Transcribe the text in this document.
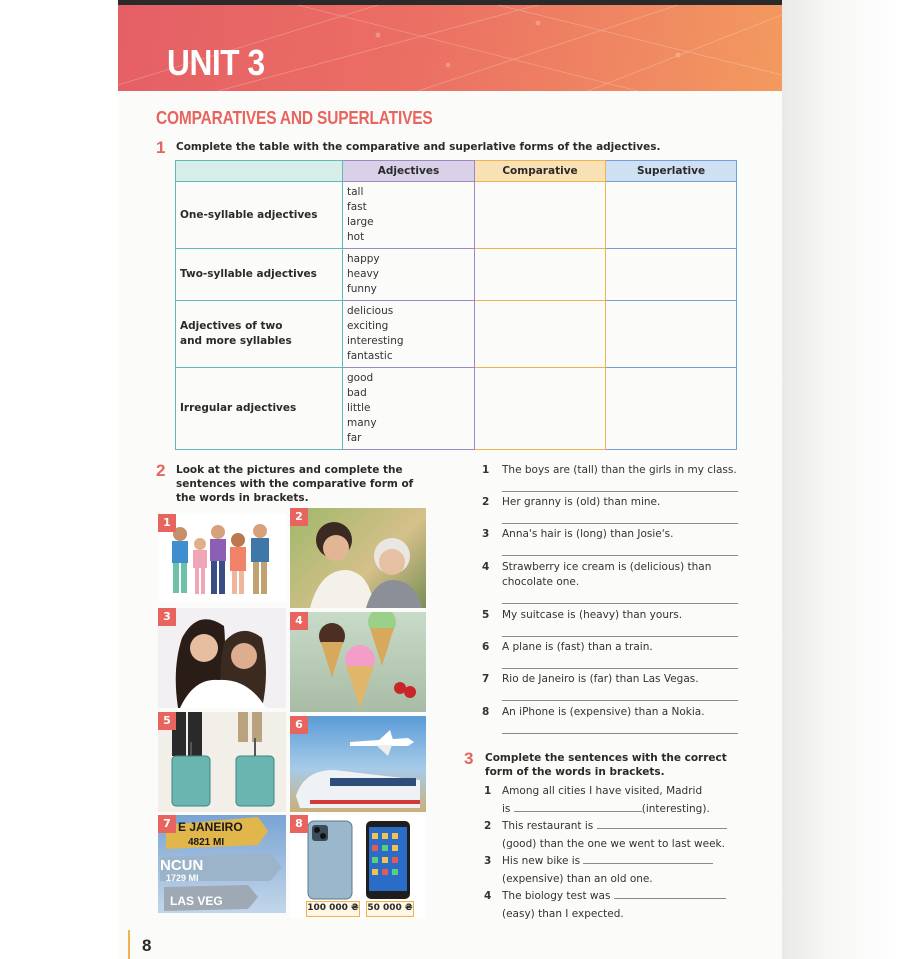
UNIT 3
COMPARATIVES AND SUPERLATIVES
1 Complete the table with the comparative and superlative forms of the adjectives.
	Adjectives	Comparative	Superlative
One-syllable adjectives	tall
fast
large
hot		

Two-syllable adjectives	happy
heavy
funny		

Adjectives of two and more syllables	delicious
exciting
interesting
fantastic		

Irregular adjectives	good
bad
little
many
far		

2 Look at the pictures and complete the sentences with the comparative form of the words in brackets.
1	2
3	4
5	6
E JANEIRO
4821 MI
NCUN
1729 MI
LAS VEG
7	8
100 000 ₴ 50 000 ₴
1	The boys are (tall) than the girls in my class.
2	Her granny is (old) than mine.
3	Anna's hair is (long) than Josie's.
4	Strawberry ice cream is (delicious) than chocolate one.
5	My suitcase is (heavy) than yours.
6	A plane is (fast) than a train.
7	Rio de Janeiro is (far) than Las Vegas.
8	An iPhone is (expensive) than a Nokia.
3 Complete the sentences with the correct form of the words in brackets.
1 Among all cities I have visited, Madrid
is	(interesting).
2 This restaurant is
(good) than the one we went to last week.
3 His new bike is
(expensive) than an old one.
4 The biology test was
(easy) than I expected.
8
